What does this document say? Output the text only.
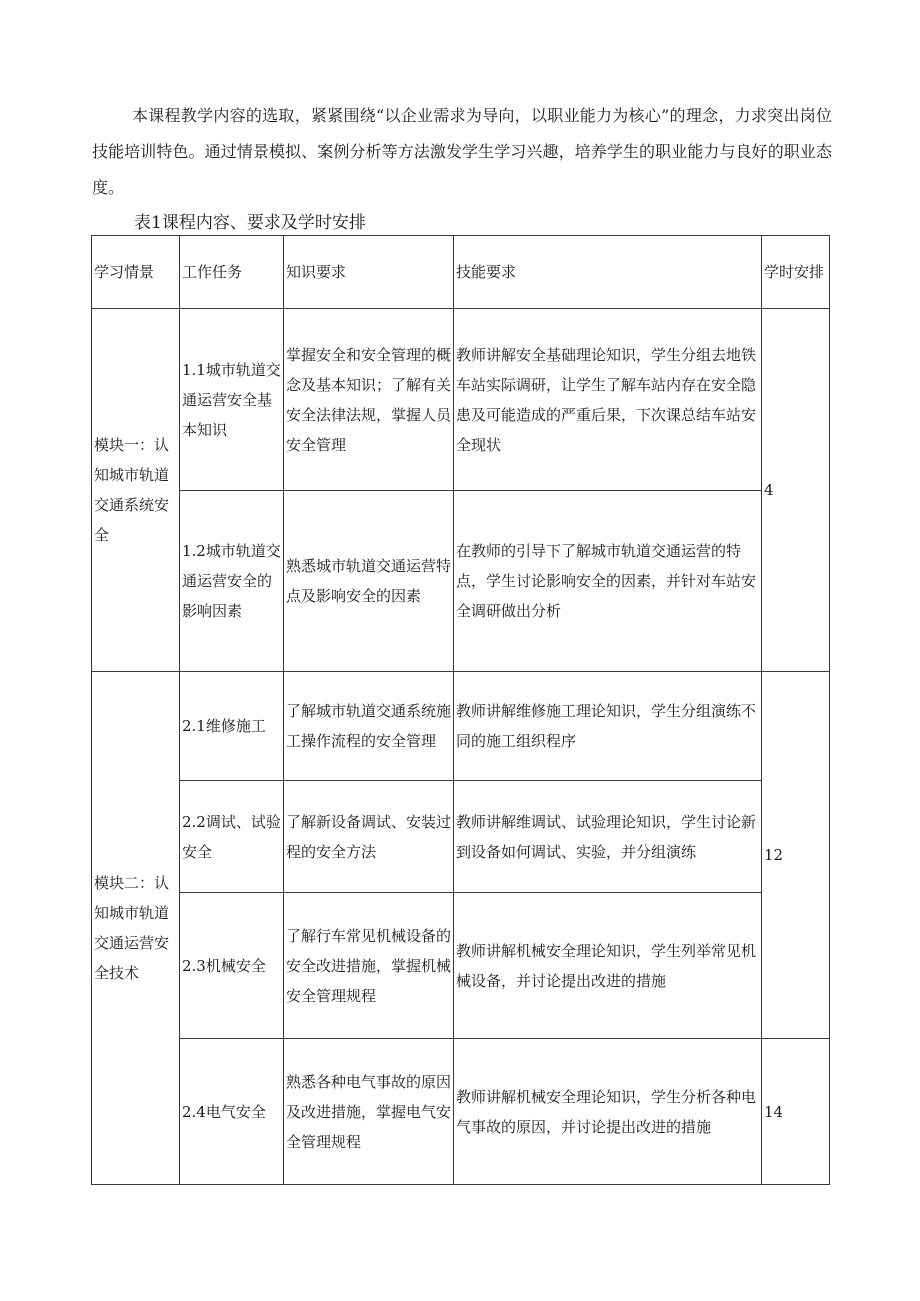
本课程教学内容的选取，紧紧围绕“以企业需求为导向，以职业能力为核心”的理念，力求突出岗位技能培训特色。通过情景模拟、案例分析等方法激发学生学习兴趣，培养学生的职业能力与良好的职业态度。

表1课程内容、要求及学时安排

学习情景	工作任务	知识要求	技能要求	学时安排
模块一：认知城市轨道交通系统安全	1.1城市轨道交通运营安全基本知识	掌握安全和安全管理的概念及基本知识；了解有关安全法律法规，掌握人员安全管理	教师讲解安全基础理论知识，学生分组去地铁车站实际调研，让学生了解车站内存在安全隐患及可能造成的严重后果，下次课总结车站安全现状	4
	1.2城市轨道交通运营安全的影响因素	熟悉城市轨道交通运营特点及影响安全的因素	在教师的引导下了解城市轨道交通运营的特点，学生讨论影响安全的因素，并针对车站安全调研做出分析	
模块二：认知城市轨道交通运营安全技术	2.1维修施工	了解城市轨道交通系统施工操作流程的安全管理	教师讲解维修施工理论知识，学生分组演练不同的施工组织程序	12
	2.2调试、试验安全	了解新设备调试、安装过程的安全方法	教师讲解维调试、试验理论知识，学生讨论新到设备如何调试、实验，并分组演练	
	2.3机械安全	了解行车常见机械设备的安全改进措施，掌握机械安全管理规程	教师讲解机械安全理论知识，学生列举常见机械设备，并讨论提出改进的措施	
	2.4电气安全	熟悉各种电气事故的原因及改进措施，掌握电气安全管理规程	教师讲解机械安全理论知识，学生分析各种电气事故的原因，并讨论提出改进的措施	14
